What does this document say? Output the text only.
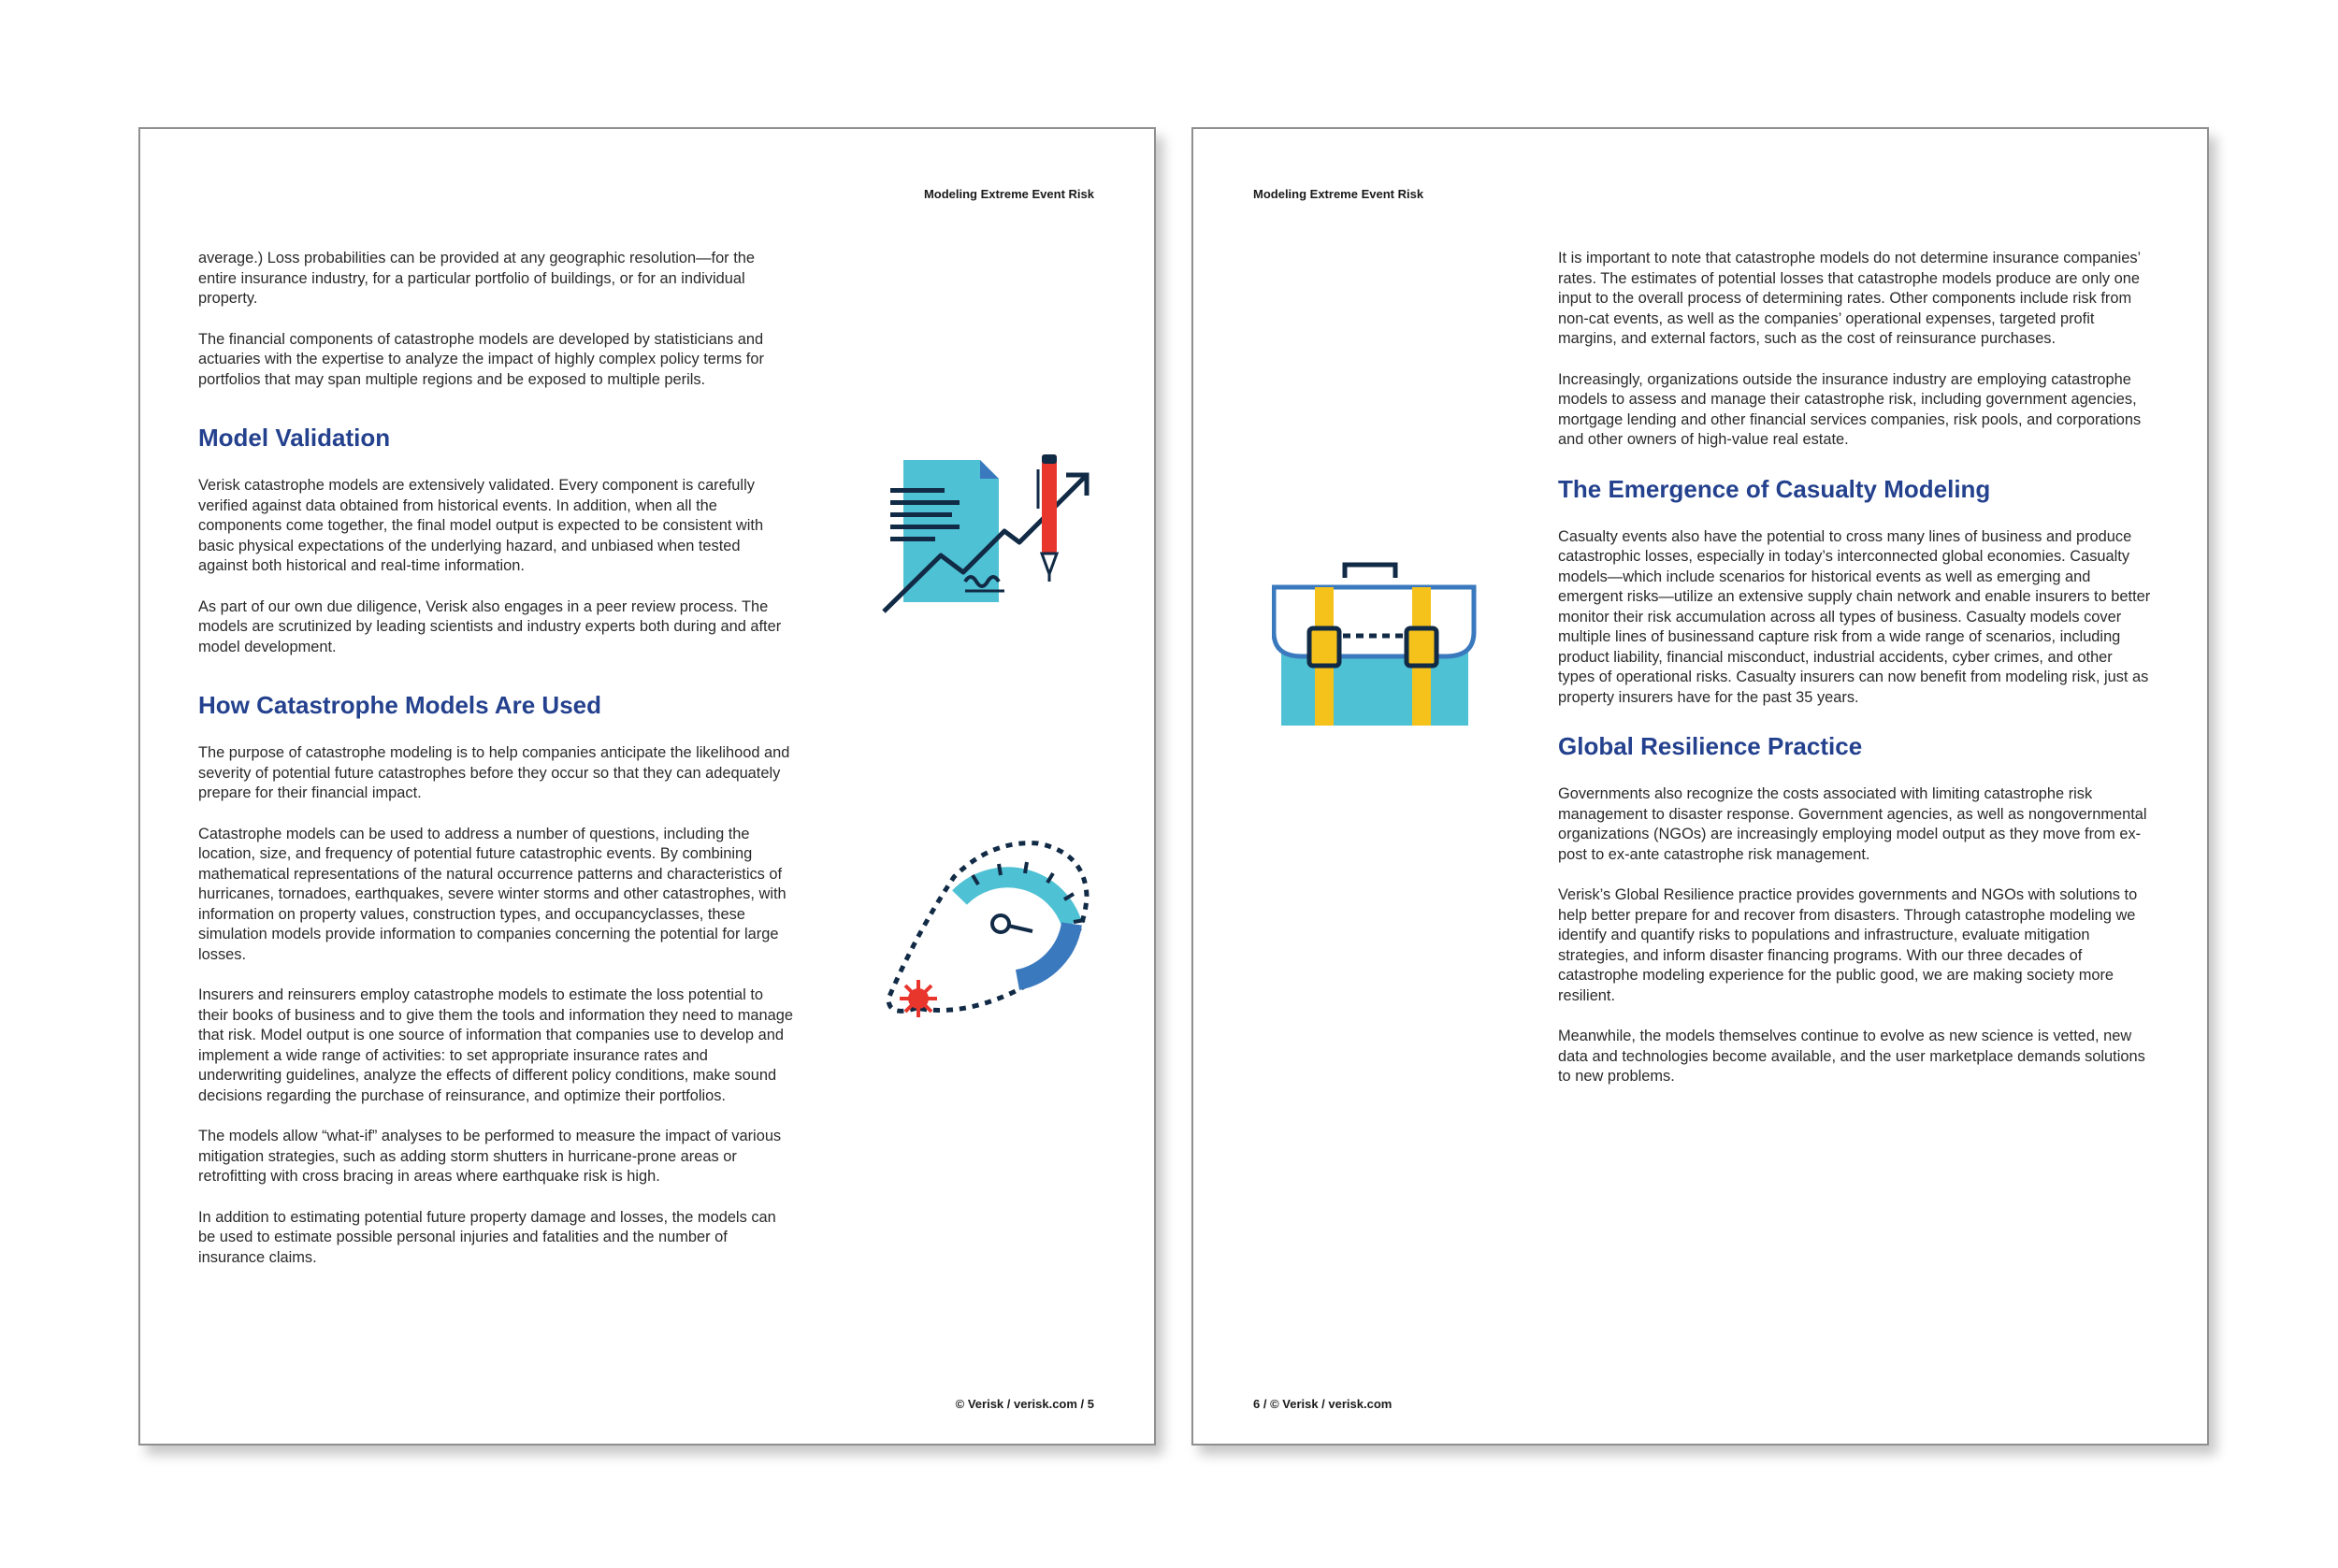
Modeling Extreme Event Risk

average.) Loss probabilities can be provided at any geographic resolution—for the entire insurance industry, for a particular portfolio of buildings, or for an individual property.

The financial components of catastrophe models are developed by statisticians and actuaries with the expertise to analyze the impact of highly complex policy terms for portfolios that may span multiple regions and be exposed to multiple perils.

Model Validation

Verisk catastrophe models are extensively validated. Every component is carefully verified against data obtained from historical events. In addition, when all the components come together, the final model output is expected to be consistent with basic physical expectations of the underlying hazard, and unbiased when tested against both historical and real-time information.

As part of our own due diligence, Verisk also engages in a peer review process. The models are scrutinized by leading scientists and industry experts both during and after model development.

How Catastrophe Models Are Used

The purpose of catastrophe modeling is to help companies anticipate the likelihood and severity of potential future catastrophes before they occur so that they can adequately prepare for their financial impact.

Catastrophe models can be used to address a number of questions, including the location, size, and frequency of potential future catastrophic events. By combining mathematical representations of the natural occurrence patterns and characteristics of hurricanes, tornadoes, earthquakes, severe winter storms and other catastrophes, with information on property values, construction types, and occupancyclasses, these simulation models provide information to companies concerning the potential for large losses.

Insurers and reinsurers employ catastrophe models to estimate the loss potential to their books of business and to give them the tools and information they need to manage that risk. Model output is one source of information that companies use to develop and implement a wide range of activities: to set appropriate insurance rates and underwriting guidelines, analyze the effects of different policy conditions, make sound decisions regarding the purchase of reinsurance, and optimize their portfolios.

The models allow “what-if” analyses to be performed to measure the impact of various mitigation strategies, such as adding storm shutters in hurricane-prone areas or retrofitting with cross bracing in areas where earthquake risk is high.

In addition to estimating potential future property damage and losses, the models can be used to estimate possible personal injuries and fatalities and the number of insurance claims.

© Verisk / verisk.com / 5
Modeling Extreme Event Risk

It is important to note that catastrophe models do not determine insurance companies’ rates. The estimates of potential losses that catastrophe models produce are only one input to the overall process of determining rates. Other components include risk from non-cat events, as well as the companies’ operational expenses, targeted profit margins, and external factors, such as the cost of reinsurance purchases.

Increasingly, organizations outside the insurance industry are employing catastrophe models to assess and manage their catastrophe risk, including government agencies, mortgage lending and other financial services companies, risk pools, and corporations and other owners of high-value real estate.

The Emergence of Casualty Modeling

Casualty events also have the potential to cross many lines of business and produce catastrophic losses, especially in today’s interconnected global economies. Casualty models—which include scenarios for historical events as well as emerging and emergent risks—utilize an extensive supply chain network and enable insurers to better monitor their risk accumulation across all types of business. Casualty models cover multiple lines of businessand capture risk from a wide range of scenarios, including product liability, financial misconduct, industrial accidents, cyber crimes, and other types of operational risks. Casualty insurers can now benefit from modeling risk, just as property insurers have for the past 35 years.

Global Resilience Practice

Governments also recognize the costs associated with limiting catastrophe risk management to disaster response. Government agencies, as well as nongovernmental organizations (NGOs) are increasingly employing model output as they move from ex-post to ex-ante catastrophe risk management.

Verisk’s Global Resilience practice provides governments and NGOs with solutions to help better prepare for and recover from disasters. Through catastrophe modeling we identify and quantify risks to populations and infrastructure, evaluate mitigation strategies, and inform disaster financing programs. With our three decades of catastrophe modeling experience for the public good, we are making society more resilient.

Meanwhile, the models themselves continue to evolve as new science is vetted, new data and technologies become available, and the user marketplace demands solutions to new problems.

6 / © Verisk / verisk.com
